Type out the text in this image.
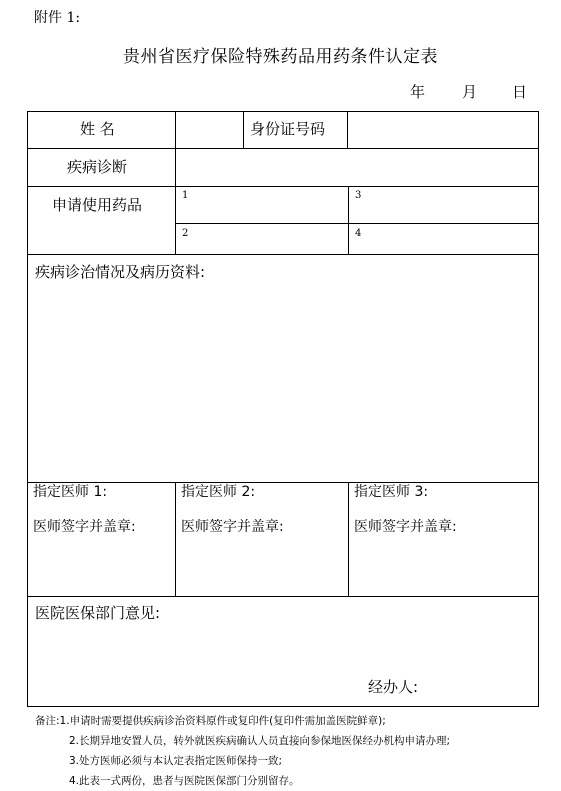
附件 1:
贵州省医疗保险特殊药品用药条件认定表
年 月 日
姓 名	身份证号码
疾病诊断
申请使用药品
1
2
3
4
疾病诊治情况及病历资料:
指定医师 1:
医师签字并盖章:
指定医师 2:
医师签字并盖章:
指定医师 3:
医师签字并盖章:
医院医保部门意见:
经办人:
备注:1.申请时需要提供疾病诊治资料原件或复印件(复印件需加盖医院鲜章);
2.长期异地安置人员，转外就医疾病确认人员直接向参保地医保经办机构申请办理;
3.处方医师必须与本认定表指定医师保持一致;
4.此表一式两份，患者与医院医保部门分别留存。
